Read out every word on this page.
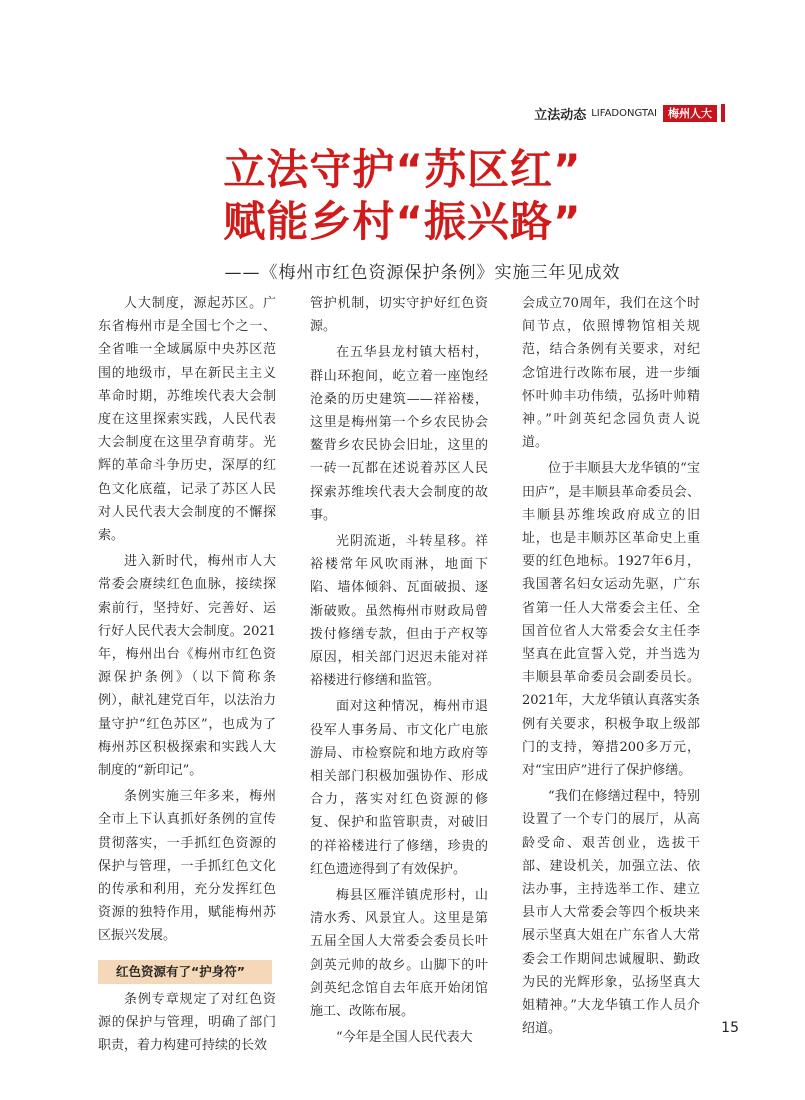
立法动态 LIFADONGTAI	梅州人大
立法守护“苏区红”
赋能乡村“振兴路”
——《梅州市红色资源保护条例》实施三年见成效

人大制度，源起苏区。广东省梅州市是全国七个之一、全省唯一全域属原中央苏区范围的地级市，早在新民主主义革命时期，苏维埃代表大会制度在这里探索实践，人民代表大会制度在这里孕育萌芽。光辉的革命斗争历史，深厚的红色文化底蕴，记录了苏区人民对人民代表大会制度的不懈探索。

进入新时代，梅州市人大常委会赓续红色血脉，接续探索前行，坚持好、完善好、运行好人民代表大会制度。2021年，梅州出台《梅州市红色资源保护条例》（以下简称条例），献礼建党百年，以法治力量守护“红色苏区”，也成为了梅州苏区积极探索和实践人大制度的“新印记”。

条例实施三年多来，梅州全市上下认真抓好条例的宣传贯彻落实，一手抓红色资源的保护与管理，一手抓红色文化的传承和利用，充分发挥红色资源的独特作用，赋能梅州苏区振兴发展。

红色资源有了“护身符”

条例专章规定了对红色资源的保护与管理，明确了部门职责，着力构建可持续的长效

管护机制，切实守护好红色资源。

在五华县龙村镇大梧村，群山环抱间，屹立着一座饱经沧桑的历史建筑——祥裕楼，这里是梅州第一个乡农民协会鳌背乡农民协会旧址，这里的一砖一瓦都在述说着苏区人民探索苏维埃代表大会制度的故事。

光阴流逝，斗转星移。祥裕楼常年风吹雨淋，地面下陷、墙体倾斜、瓦面破损、逐渐破败。虽然梅州市财政局曾拨付修缮专款，但由于产权等原因，相关部门迟迟未能对祥裕楼进行修缮和监管。

面对这种情况，梅州市退役军人事务局、市文化广电旅游局、市检察院和地方政府等相关部门积极加强协作、形成合力，落实对红色资源的修复、保护和监管职责，对破旧的祥裕楼进行了修缮，珍贵的红色遗迹得到了有效保护。

梅县区雁洋镇虎形村，山清水秀、风景宜人。这里是第五届全国人大常委会委员长叶剑英元帅的故乡。山脚下的叶剑英纪念馆自去年底开始闭馆施工、改陈布展。

“今年是全国人民代表大

会成立70周年，我们在这个时间节点，依照博物馆相关规范，结合条例有关要求，对纪念馆进行改陈布展，进一步缅怀叶帅丰功伟绩，弘扬叶帅精神。”叶剑英纪念园负责人说道。

位于丰顺县大龙华镇的“宝田庐”，是丰顺县革命委员会、丰顺县苏维埃政府成立的旧址，也是丰顺苏区革命史上重要的红色地标。1927年6月，我国著名妇女运动先驱，广东省第一任人大常委会主任、全国首位省人大常委会女主任李坚真在此宣誓入党，并当选为丰顺县革命委员会副委员长。2021年，大龙华镇认真落实条例有关要求，积极争取上级部门的支持，筹措200多万元，对“宝田庐”进行了保护修缮。

“我们在修缮过程中，特别设置了一个专门的展厅，从高龄受命、艰苦创业，选拔干部、建设机关，加强立法、依法办事，主持选举工作、建立县市人大常委会等四个板块来展示坚真大姐在广东省人大常委会工作期间忠诚履职、勤政为民的光辉形象，弘扬坚真大姐精神。”大龙华镇工作人员介绍道。	15
